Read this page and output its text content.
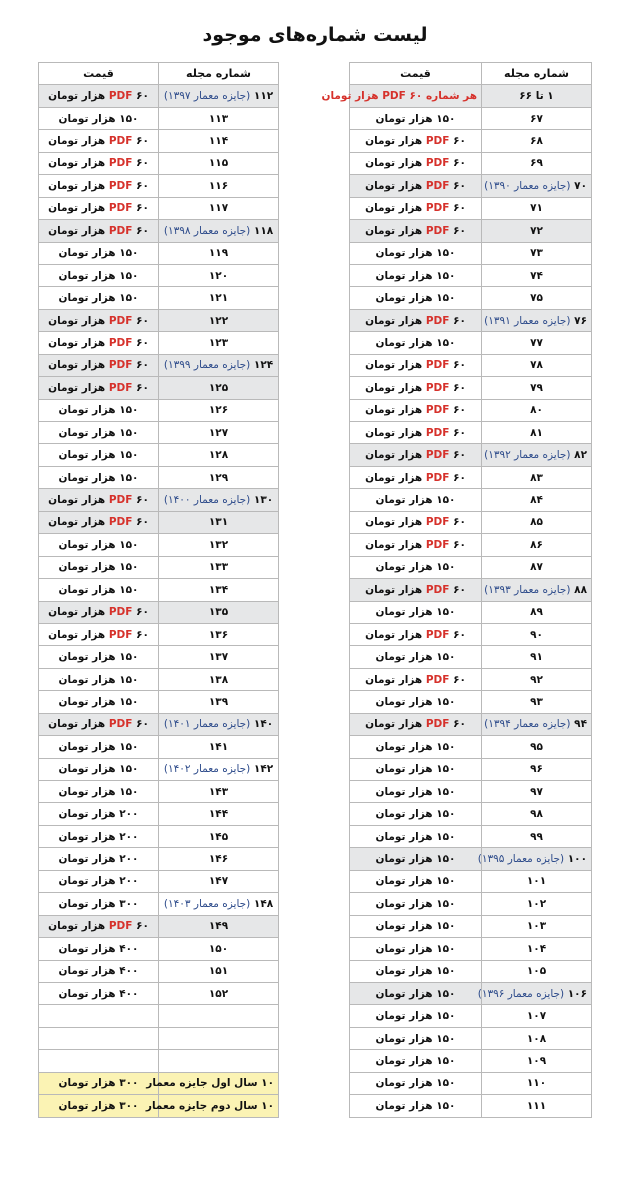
لیست شماره‌های موجود
شماره مجله	قیمت
۱ تا ۶۶	هر شماره PDF ۶۰ هزار تومان
۶۷	۱۵۰ هزار تومان
۶۸	PDF ۶۰ هزار تومان
۶۹	PDF ۶۰ هزار تومان
۷۰ (جایزه معمار ۱۳۹۰)	PDF ۶۰ هزار تومان
۷۱	PDF ۶۰ هزار تومان
۷۲	PDF ۶۰ هزار تومان
۷۳	۱۵۰ هزار تومان
۷۴	۱۵۰ هزار تومان
۷۵	۱۵۰ هزار تومان
۷۶ (جایزه معمار ۱۳۹۱)	PDF ۶۰ هزار تومان
۷۷	۱۵۰ هزار تومان
۷۸	PDF ۶۰ هزار تومان
۷۹	PDF ۶۰ هزار تومان
۸۰	PDF ۶۰ هزار تومان
۸۱	PDF ۶۰ هزار تومان
۸۲ (جایزه معمار ۱۳۹۲)	PDF ۶۰ هزار تومان
۸۳	PDF ۶۰ هزار تومان
۸۴	۱۵۰ هزار تومان
۸۵	PDF ۶۰ هزار تومان
۸۶	PDF ۶۰ هزار تومان
۸۷	۱۵۰ هزار تومان
۸۸ (جایزه معمار ۱۳۹۳)	PDF ۶۰ هزار تومان
۸۹	۱۵۰ هزار تومان
۹۰	PDF ۶۰ هزار تومان
۹۱	۱۵۰ هزار تومان
۹۲	PDF ۶۰ هزار تومان
۹۳	۱۵۰ هزار تومان
۹۴ (جایزه معمار ۱۳۹۴)	PDF ۶۰ هزار تومان
۹۵	۱۵۰ هزار تومان
۹۶	۱۵۰ هزار تومان
۹۷	۱۵۰ هزار تومان
۹۸	۱۵۰ هزار تومان
۹۹	۱۵۰ هزار تومان
۱۰۰ (جایزه معمار ۱۳۹۵)	۱۵۰ هزار تومان
۱۰۱	۱۵۰ هزار تومان
۱۰۲	۱۵۰ هزار تومان
۱۰۳	۱۵۰ هزار تومان
۱۰۴	۱۵۰ هزار تومان
۱۰۵	۱۵۰ هزار تومان
۱۰۶ (جایزه معمار ۱۳۹۶)	۱۵۰ هزار تومان
۱۰۷	۱۵۰ هزار تومان
۱۰۸	۱۵۰ هزار تومان
۱۰۹	۱۵۰ هزار تومان
۱۱۰	۱۵۰ هزار تومان
۱۱۱	۱۵۰ هزار تومان
شماره مجله	قیمت
۱۱۲ (جایزه معمار ۱۳۹۷)	PDF ۶۰ هزار تومان
۱۱۳	۱۵۰ هزار تومان
۱۱۴	PDF ۶۰ هزار تومان
۱۱۵	PDF ۶۰ هزار تومان
۱۱۶	PDF ۶۰ هزار تومان
۱۱۷	PDF ۶۰ هزار تومان
۱۱۸ (جایزه معمار ۱۳۹۸)	PDF ۶۰ هزار تومان
۱۱۹	۱۵۰ هزار تومان
۱۲۰	۱۵۰ هزار تومان
۱۲۱	۱۵۰ هزار تومان
۱۲۲	PDF ۶۰ هزار تومان
۱۲۳	PDF ۶۰ هزار تومان
۱۲۴ (جایزه معمار ۱۳۹۹)	PDF ۶۰ هزار تومان
۱۲۵	PDF ۶۰ هزار تومان
۱۲۶	۱۵۰ هزار تومان
۱۲۷	۱۵۰ هزار تومان
۱۲۸	۱۵۰ هزار تومان
۱۲۹	۱۵۰ هزار تومان
۱۳۰ (جایزه معمار ۱۴۰۰)	PDF ۶۰ هزار تومان
۱۳۱	PDF ۶۰ هزار تومان
۱۳۲	۱۵۰ هزار تومان
۱۳۳	۱۵۰ هزار تومان
۱۳۴	۱۵۰ هزار تومان
۱۳۵	PDF ۶۰ هزار تومان
۱۳۶	PDF ۶۰ هزار تومان
۱۳۷	۱۵۰ هزار تومان
۱۳۸	۱۵۰ هزار تومان
۱۳۹	۱۵۰ هزار تومان
۱۴۰ (جایزه معمار ۱۴۰۱)	PDF ۶۰ هزار تومان
۱۴۱	۱۵۰ هزار تومان
۱۴۲ (جایزه معمار ۱۴۰۲)	۱۵۰ هزار تومان
۱۴۳	۱۵۰ هزار تومان
۱۴۴	۲۰۰ هزار تومان
۱۴۵	۲۰۰ هزار تومان
۱۴۶	۲۰۰ هزار تومان
۱۴۷	۲۰۰ هزار تومان
۱۴۸ (جایزه معمار ۱۴۰۳)	۳۰۰ هزار تومان
۱۴۹	PDF ۶۰ هزار تومان
۱۵۰	۴۰۰ هزار تومان
۱۵۱	۴۰۰ هزار تومان
۱۵۲	۴۰۰ هزار تومان

۱۰ سال اول جایزه معمار	۳۰۰ هزار تومان
۱۰ سال دوم جایزه معمار	۳۰۰ هزار تومان
